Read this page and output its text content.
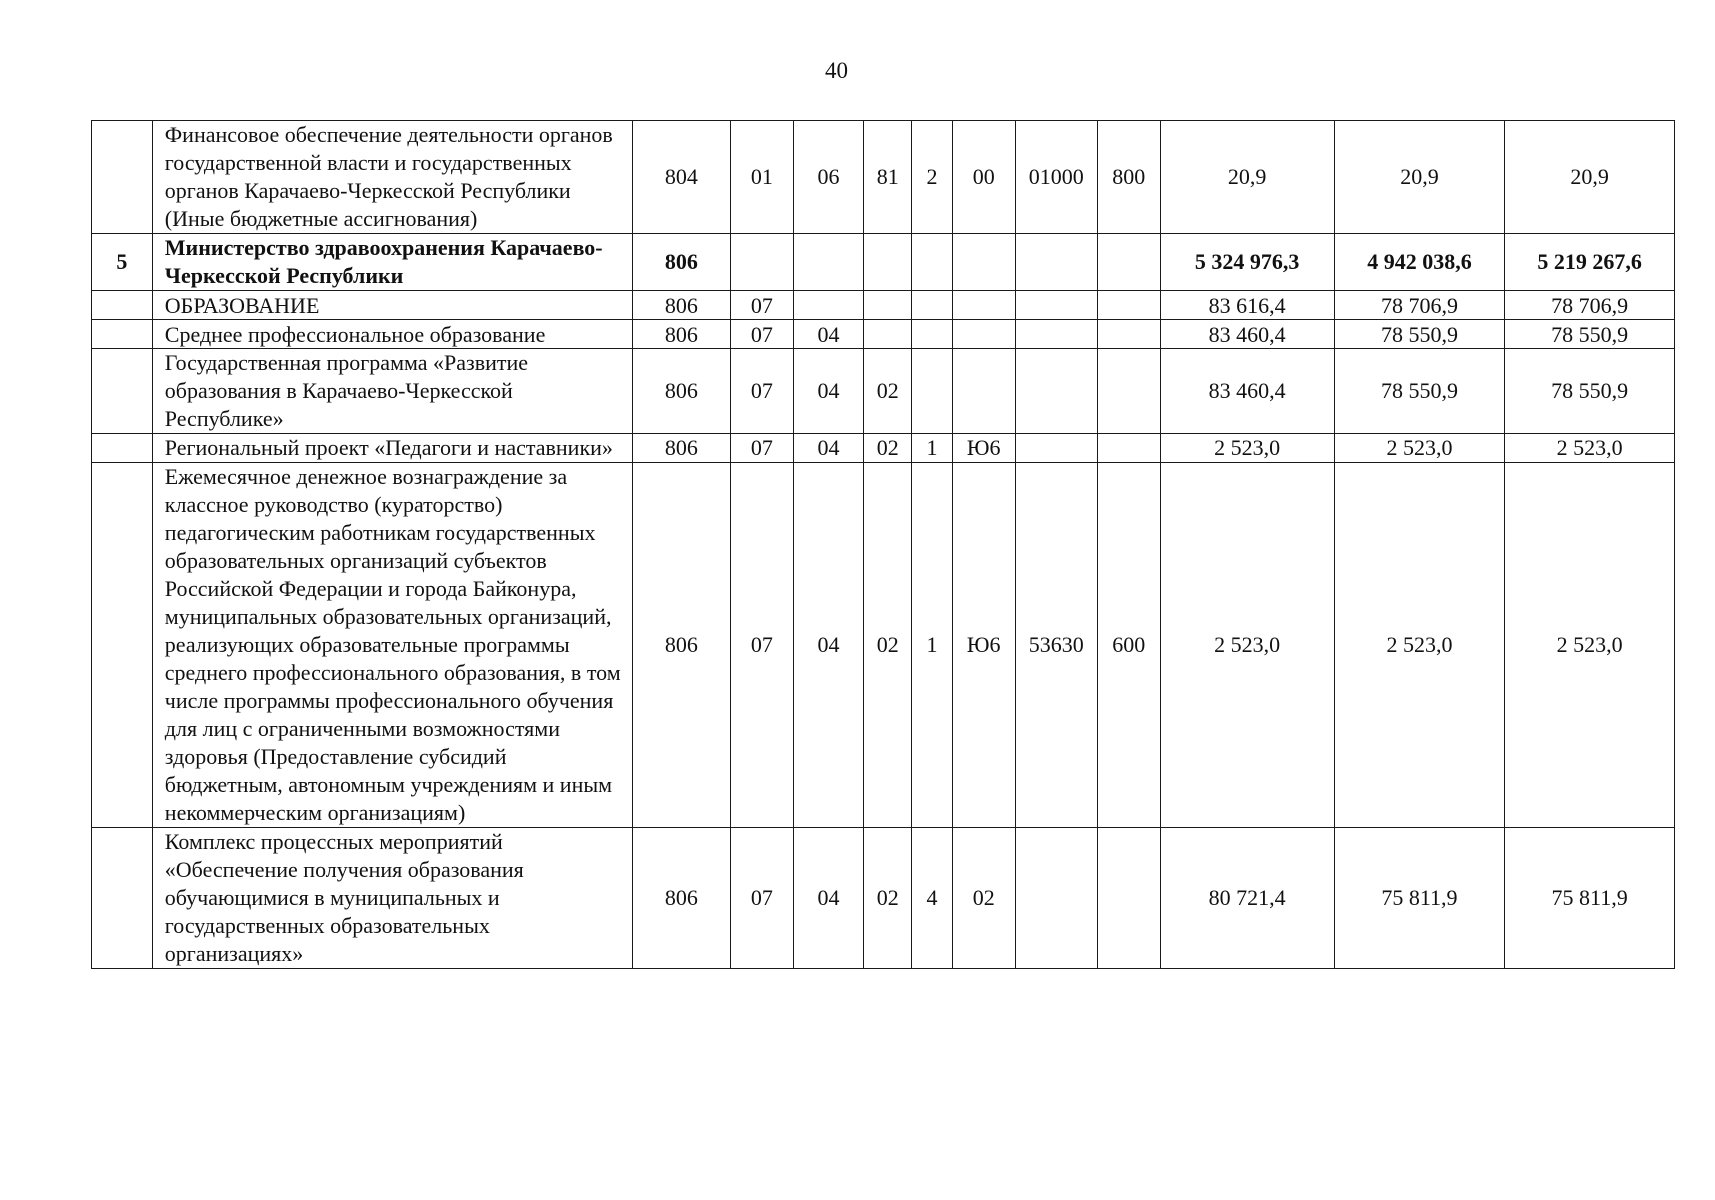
40
	Финансовое обеспечение деятельности органов государственной власти и государственных органов Карачаево-Черкесской Республики (Иные бюджетные ассигнования)	804	01	06	81	2	00	01000	800	20,9	20,9	20,9
5	Министерство здравоохранения Карачаево-Черкесской Республики	806								5 324 976,3	4 942 038,6	5 219 267,6
	ОБРАЗОВАНИЕ	806	07							83 616,4	78 706,9	78 706,9
	Среднее профессиональное образование	806	07	04						83 460,4	78 550,9	78 550,9
	Государственная программа «Развитие образования в Карачаево-Черкесской Республике»	806	07	04	02					83 460,4	78 550,9	78 550,9
	Региональный проект «Педагоги и наставники»	806	07	04	02	1	Ю6			2 523,0	2 523,0	2 523,0
	Ежемесячное денежное вознаграждение за классное руководство (кураторство) педагогическим работникам государственных образовательных организаций субъектов Российской Федерации и города Байконура, муниципальных образовательных организаций, реализующих образовательные программы среднего профессионального образования, в том числе программы профессионального обучения для лиц с ограниченными возможностями здоровья (Предоставление субсидий бюджетным, автономным учреждениям и иным некоммерческим организациям)	806	07	04	02	1	Ю6	53630	600	2 523,0	2 523,0	2 523,0
	Комплекс процессных мероприятий «Обеспечение получения образования обучающимися в муниципальных и государственных образовательных организациях»	806	07	04	02	4	02			80 721,4	75 811,9	75 811,9
